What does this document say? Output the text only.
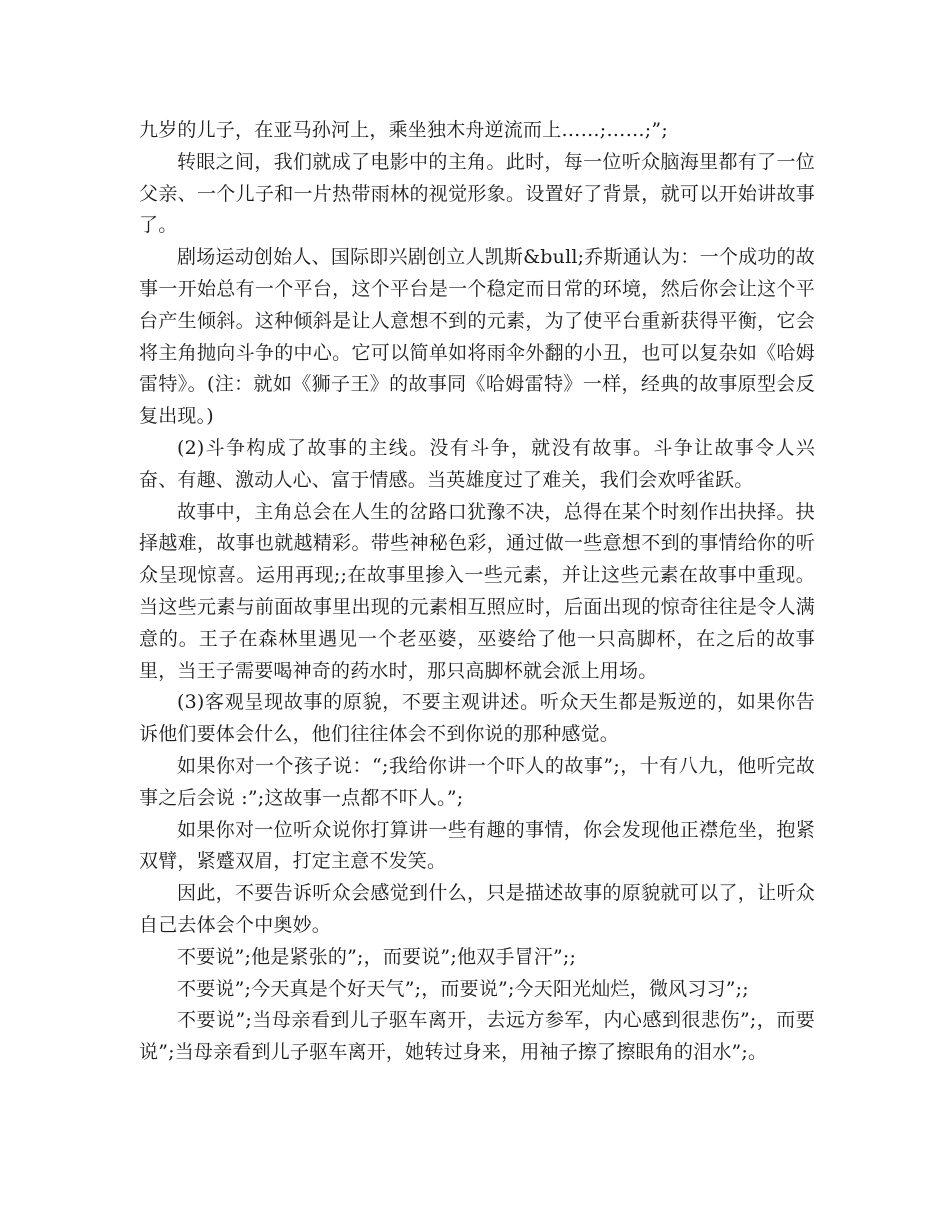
九岁的儿子，在亚马孙河上，乘坐独木舟逆流而上……;……;”;

转眼之间，我们就成了电影中的主角。此时，每一位听众脑海里都有了一位父亲、一个儿子和一片热带雨林的视觉形象。设置好了背景，就可以开始讲故事了。

剧场运动创始人、国际即兴剧创立人凯斯&bull;乔斯通认为：一个成功的故事一开始总有一个平台，这个平台是一个稳定而日常的环境，然后你会让这个平台产生倾斜。这种倾斜是让人意想不到的元素，为了使平台重新获得平衡，它会将主角抛向斗争的中心。它可以简单如将雨伞外翻的小丑，也可以复杂如《哈姆雷特》。(注：就如《狮子王》的故事同《哈姆雷特》一样，经典的故事原型会反复出现。)

(2)斗争构成了故事的主线。没有斗争，就没有故事。斗争让故事令人兴奋、有趣、激动人心、富于情感。当英雄度过了难关，我们会欢呼雀跃。

故事中，主角总会在人生的岔路口犹豫不决，总得在某个时刻作出抉择。抉择越难，故事也就越精彩。带些神秘色彩，通过做一些意想不到的事情给你的听众呈现惊喜。运用再现;;在故事里掺入一些元素，并让这些元素在故事中重现。当这些元素与前面故事里出现的元素相互照应时，后面出现的惊奇往往是令人满意的。王子在森林里遇见一个老巫婆，巫婆给了他一只高脚杯，在之后的故事里，当王子需要喝神奇的药水时，那只高脚杯就会派上用场。

(3)客观呈现故事的原貌，不要主观讲述。听众天生都是叛逆的，如果你告诉他们要体会什么，他们往往体会不到你说的那种感觉。

如果你对一个孩子说：“;我给你讲一个吓人的故事”;，十有八九，他听完故事之后会说 :”;这故事一点都不吓人。”;

如果你对一位听众说你打算讲一些有趣的事情，你会发现他正襟危坐，抱紧双臂，紧蹙双眉，打定主意不发笑。

因此，不要告诉听众会感觉到什么，只是描述故事的原貌就可以了，让听众自己去体会个中奥妙。

不要说”;他是紧张的”;，而要说”;他双手冒汗”;;

不要说”;今天真是个好天气”;，而要说”;今天阳光灿烂，微风习习”;;

不要说”;当母亲看到儿子驱车离开，去远方参军，内心感到很悲伤”;，而要说”;当母亲看到儿子驱车离开，她转过身来，用袖子擦了擦眼角的泪水”;。
